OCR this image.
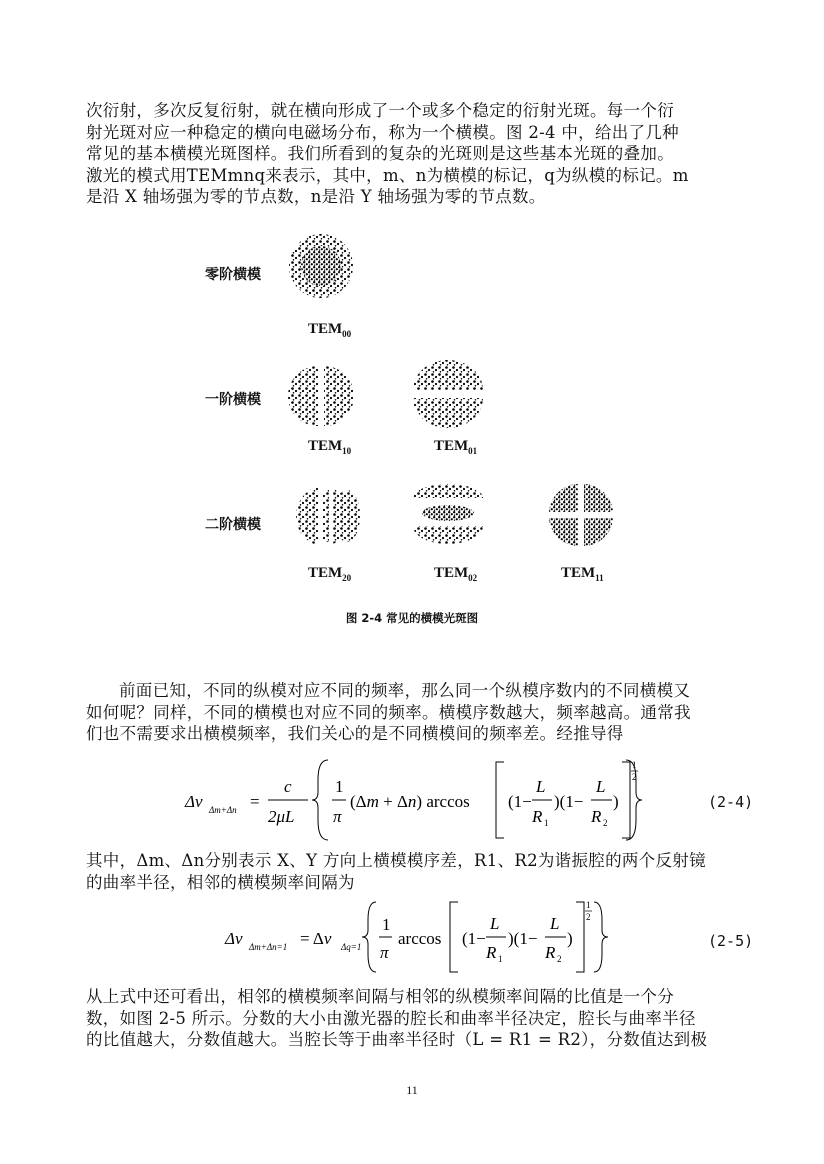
次衍射，多次反复衍射，就在横向形成了一个或多个稳定的衍射光斑。每一个衍
射光斑对应一种稳定的横向电磁场分布，称为一个横模。图 2-4 中，给出了几种
常见的基本横模光斑图样。我们所看到的复杂的光斑则是这些基本光斑的叠加。
激光的模式用TEMmnq来表示，其中，m、n为横模的标记，q为纵模的标记。m
是沿 X 轴场强为零的节点数，n是沿 Y 轴场强为零的节点数。
零阶横模
一阶横模
二阶横模
$TEM_{00}$
$TEM_{10}$	$TEM_{01}$
$TEM_{20}$	$TEM_{02}$	$TEM_{11}$
图 2-4 常见的横模光斑图
前面已知，不同的纵模对应不同的频率，那么同一个纵模序数内的不同横模又
如何呢？同样，不同的横模也对应不同的频率。横模序数越大，频率越高。通常我
们也不需要求出横模频率，我们关心的是不同横模间的频率差。经推导得
Δν Δm+Δn =
c
2μL
1
π
(Δm + Δn) arccos (1−
L
R 1
)(1−
L
R 2
)
1
2
(2-4)
其中，Δm、Δn分别表示 X、Y 方向上横模模序差，R1、R2为谐振腔的两个反射镜
的曲率半径，相邻的横模频率间隔为
Δν Δm+Δn=1 = Δν Δq=1
1
π
arccos (1−
L
R 1
)(1−
L
R 2
)
1
2
(2-5)
从上式中还可看出，相邻的横模频率间隔与相邻的纵模频率间隔的比值是一个分
数，如图 2-5 所示。分数的大小由激光器的腔长和曲率半径决定，腔长与曲率半径
的比值越大，分数值越大。当腔长等于曲率半径时（L = R1 = R2），分数值达到极
11
